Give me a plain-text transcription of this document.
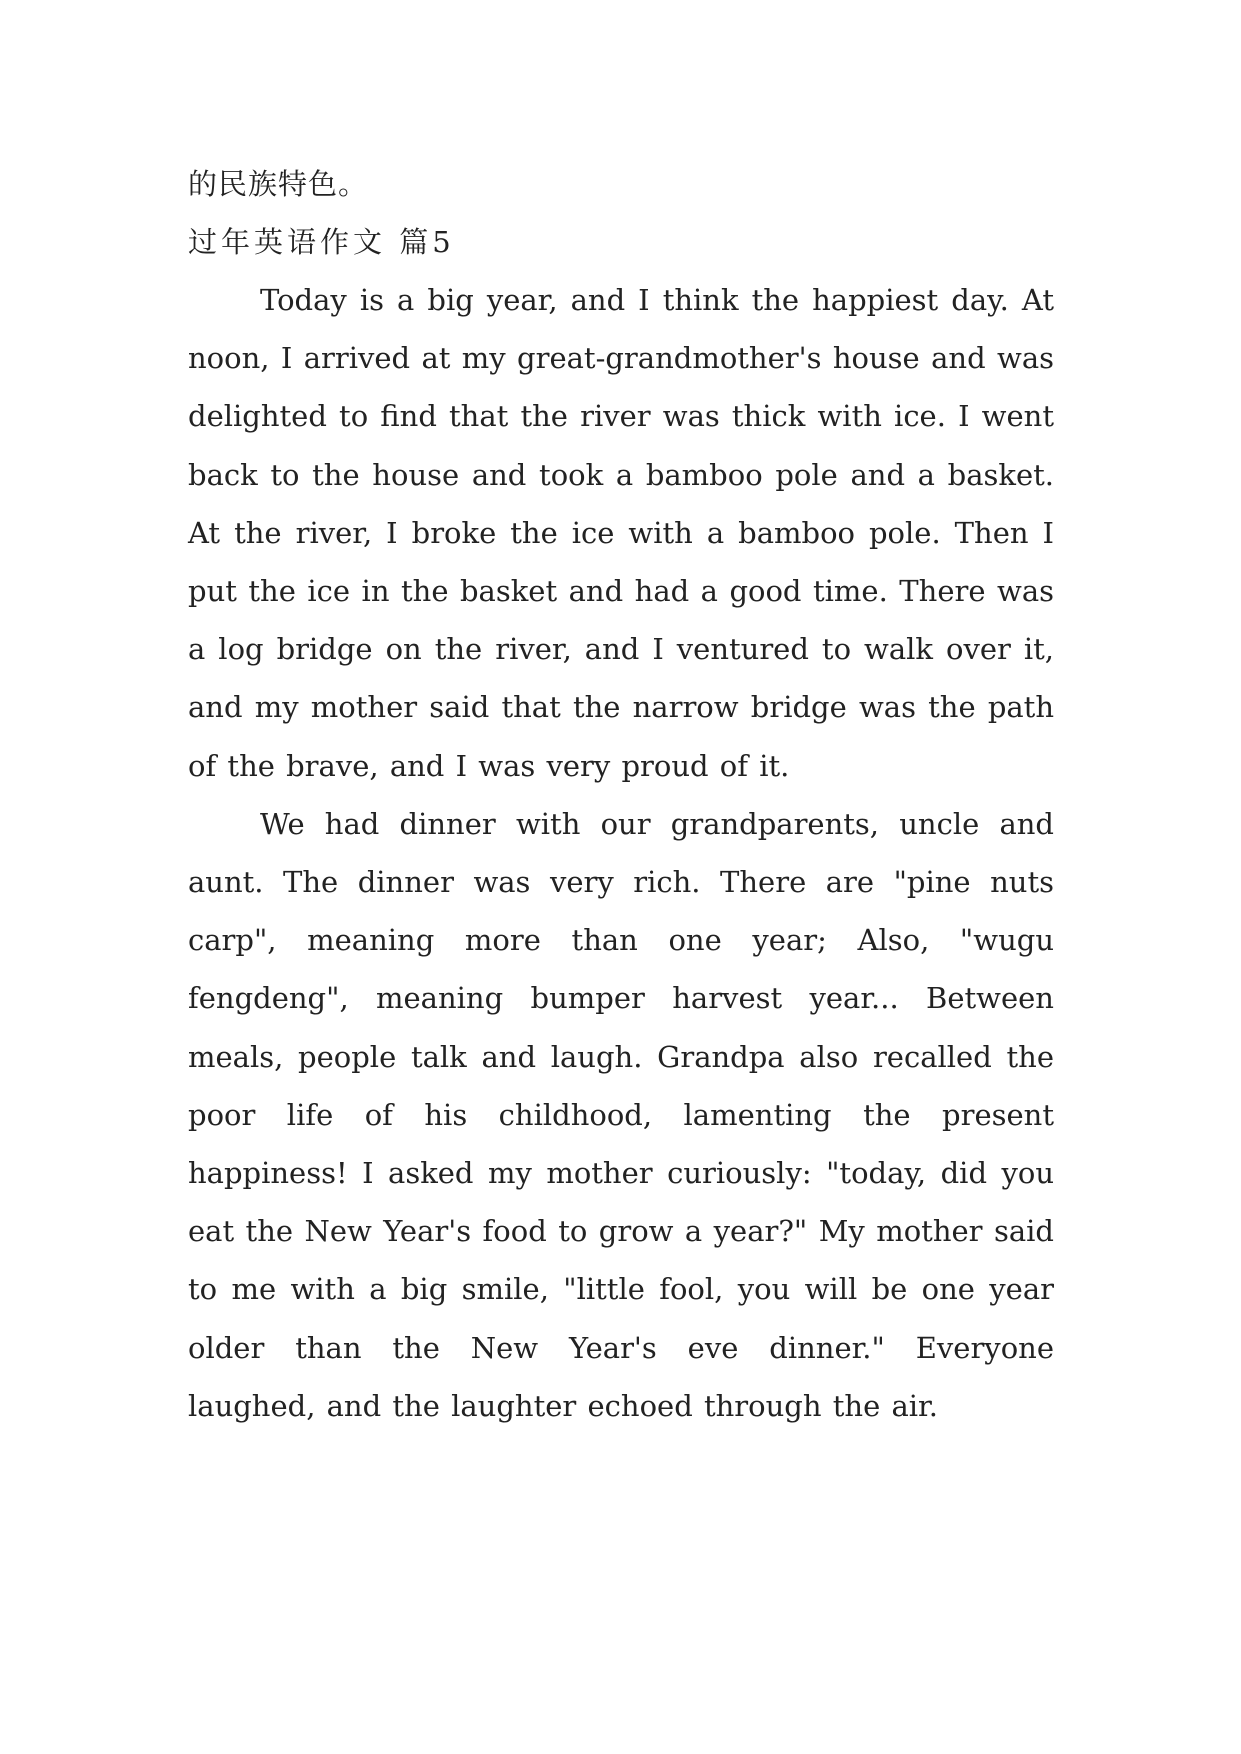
的民族特色。
过年英语作文 篇5

Today is a big year, and I think the happiest day. At noon, I arrived at my great-grandmother's house and was delighted to find that the river was thick with ice. I went back to the house and took a bamboo pole and a basket. At the river, I broke the ice with a bamboo pole. Then I put the ice in the basket and had a good time. There was a log bridge on the river, and I ventured to walk over it, and my mother said that the narrow bridge was the path of the brave, and I was very proud of it.

We had dinner with our grandparents, uncle and aunt. The dinner was very rich. There are "pine nuts carp", meaning more than one year; Also, "wugu fengdeng", meaning bumper harvest year... Between meals, people talk and laugh. Grandpa also recalled the poor life of his childhood, lamenting the present happiness! I asked my mother curiously: "today, did you eat the New Year's food to grow a year?" My mother said to me with a big smile, "little fool, you will be one year older than the New Year's eve dinner." Everyone laughed, and the laughter echoed through the air.
